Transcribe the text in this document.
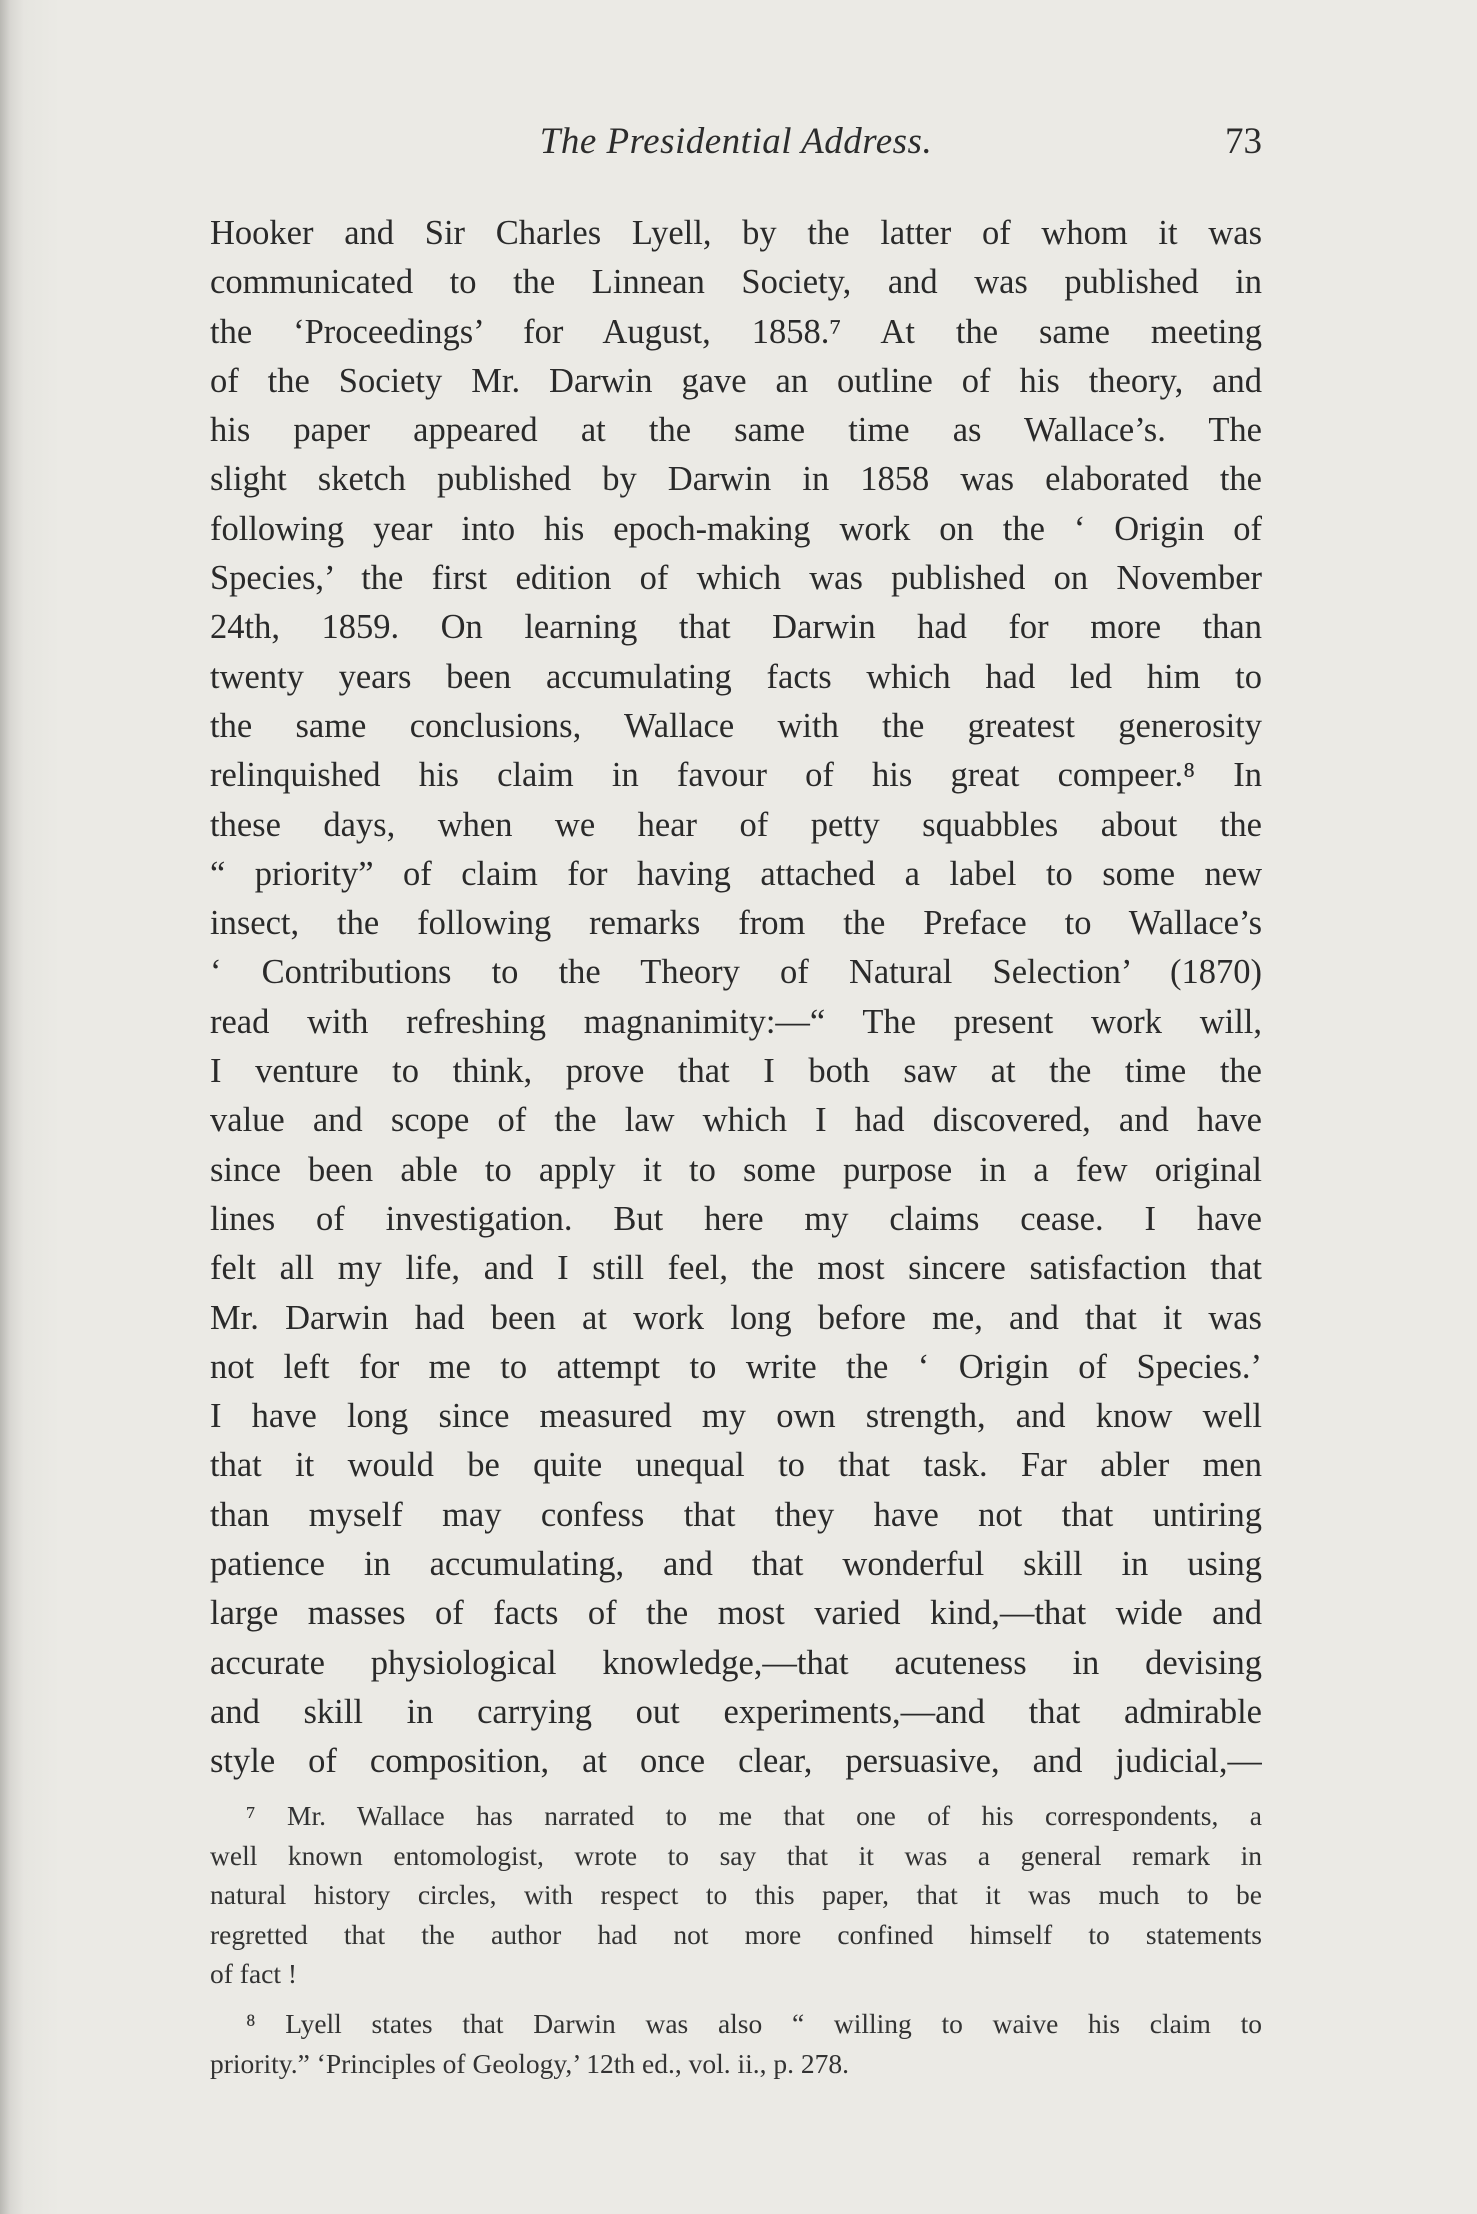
The Presidential Address.	73
Hooker and Sir Charles Lyell, by the latter of whom it was
communicated to the Linnean Society, and was published in
the ‘Proceedings’ for August, 1858.⁷ At the same meeting
of the Society Mr. Darwin gave an outline of his theory, and
his paper appeared at the same time as Wallace’s. The
slight sketch published by Darwin in 1858 was elaborated the
following year into his epoch-making work on the ‘ Origin of
Species,’ the first edition of which was published on November
24th, 1859. On learning that Darwin had for more than
twenty years been accumulating facts which had led him to
the same conclusions, Wallace with the greatest generosity
relinquished his claim in favour of his great compeer.⁸ In
these days, when we hear of petty squabbles about the
“ priority” of claim for having attached a label to some new
insect, the following remarks from the Preface to Wallace’s
‘ Contributions to the Theory of Natural Selection’ (1870)
read with refreshing magnanimity:—“ The present work will,
I venture to think, prove that I both saw at the time the
value and scope of the law which I had discovered, and have
since been able to apply it to some purpose in a few original
lines of investigation. But here my claims cease. I have
felt all my life, and I still feel, the most sincere satisfaction that
Mr. Darwin had been at work long before me, and that it was
not left for me to attempt to write the ‘ Origin of Species.’
I have long since measured my own strength, and know well
that it would be quite unequal to that task. Far abler men
than myself may confess that they have not that untiring
patience in accumulating, and that wonderful skill in using
large masses of facts of the most varied kind,—that wide and
accurate physiological knowledge,—that acuteness in devising
and skill in carrying out experiments,—and that admirable
style of composition, at once clear, persuasive, and judicial,—
⁷ Mr. Wallace has narrated to me that one of his correspondents, a
well known entomologist, wrote to say that it was a general remark in
natural history circles, with respect to this paper, that it was much to be
regretted that the author had not more confined himself to statements
of fact !
⁸ Lyell states that Darwin was also “ willing to waive his claim to
priority.” ‘Principles of Geology,’ 12th ed., vol. ii., p. 278.
